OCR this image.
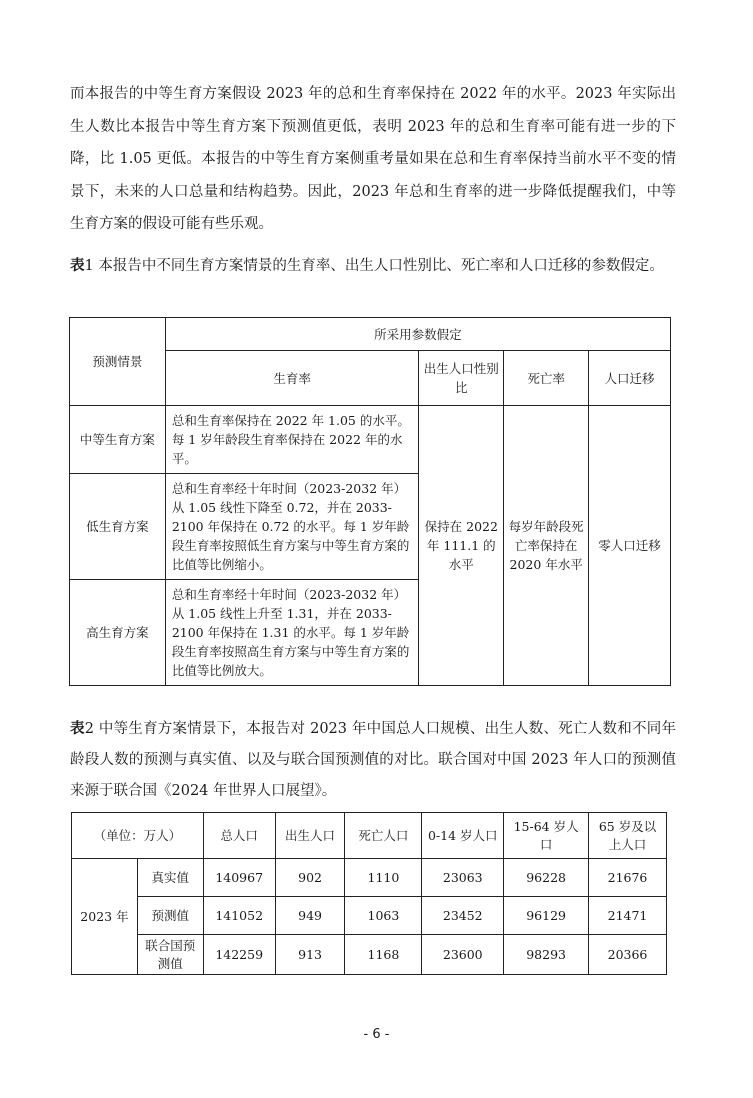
而本报告的中等生育方案假设 2023 年的总和生育率保持在 2022 年的水平。2023 年实际出生人数比本报告中等生育方案下预测值更低，表明 2023 年的总和生育率可能有进一步的下降，比 1.05 更低。本报告的中等生育方案侧重考量如果在总和生育率保持当前水平不变的情景下，未来的人口总量和结构趋势。因此，2023 年总和生育率的进一步降低提醒我们，中等生育方案的假设可能有些乐观。

表1 本报告中不同生育方案情景的生育率、出生人口性别比、死亡率和人口迁移的参数假定。

预测情景	所采用参数假定			
	生育率	出生人口性别比	死亡率	人口迁移
中等生育方案	总和生育率保持在 2022 年 1.05 的水平。每 1 岁年龄段生育率保持在 2022 年的水平。	保持在 2022 年 111.1 的水平	每岁年龄段死亡率保持在 2020 年水平	零人口迁移
低生育方案	总和生育率经十年时间（2023-2032 年）从 1.05 线性下降至 0.72，并在 2033-2100 年保持在 0.72 的水平。每 1 岁年龄段生育率按照低生育方案与中等生育方案的比值等比例缩小。			
高生育方案	总和生育率经十年时间（2023-2032 年）从 1.05 线性上升至 1.31，并在 2033-2100 年保持在 1.31 的水平。每 1 岁年龄段生育率按照高生育方案与中等生育方案的比值等比例放大。			

表2 中等生育方案情景下，本报告对 2023 年中国总人口规模、出生人数、死亡人数和不同年龄段人数的预测与真实值、以及与联合国预测值的对比。联合国对中国 2023 年人口的预测值来源于联合国《2024 年世界人口展望》。

（单位：万人）		总人口	出生人口	死亡人口	0-14 岁人口	15-64 岁人口	65 岁及以上人口
2023 年	真实值	140967	902	1110	23063	96228	21676
	预测值	141052	949	1063	23452	96129	21471
	联合国预测值	142259	913	1168	23600	98293	20366
- 6 -
